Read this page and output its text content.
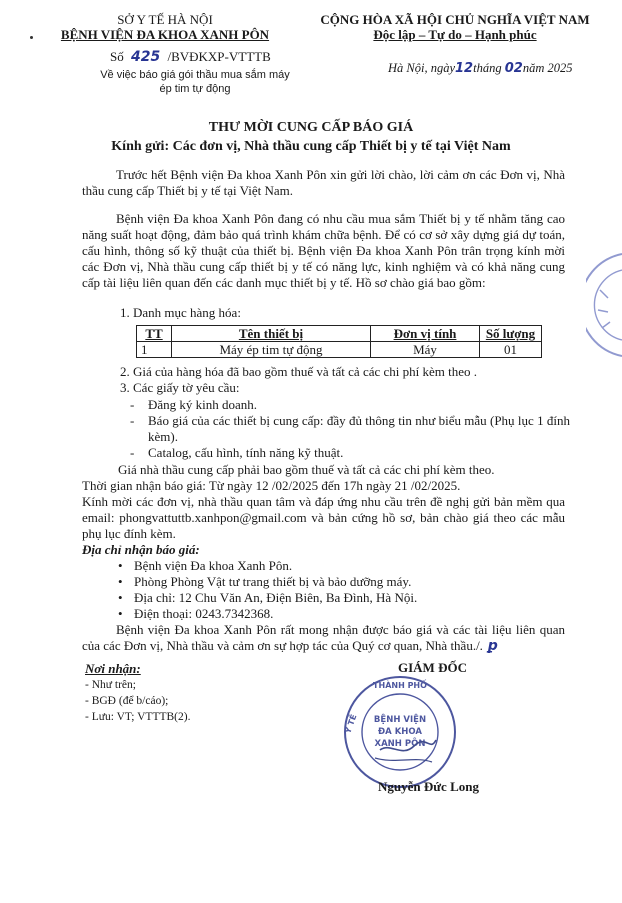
SỞ Y TẾ HÀ NỘI
BỆNH VIỆN ĐA KHOA XANH PÔN
Số 425 /BVĐKXP-VTTTB
Về việc báo giá gói thầu mua sắm máy ép tim tự động
CỘNG HÒA XÃ HỘI CHỦ NGHĨA VIỆT NAM
Độc lập – Tự do – Hạnh phúc
Hà Nội, ngày12tháng 02năm 2025
THƯ MỜI CUNG CẤP BÁO GIÁ
Kính gửi: Các đơn vị, Nhà thầu cung cấp Thiết bị y tế tại Việt Nam
Trước hết Bệnh viện Đa khoa Xanh Pôn xin gửi lời chào, lời cảm ơn các Đơn vị, Nhà thầu cung cấp Thiết bị y tế tại Việt Nam.
Bệnh viện Đa khoa Xanh Pôn đang có nhu cầu mua sắm Thiết bị y tế nhằm tăng cao năng suất hoạt động, đảm bảo quá trình khám chữa bệnh. Để có cơ sở xây dựng giá dự toán, cấu hình, thông số kỹ thuật của thiết bị. Bệnh viện Đa khoa Xanh Pôn trân trọng kính mời các Đơn vị, Nhà thầu cung cấp thiết bị y tế có năng lực, kinh nghiệm và có khả năng cung cấp tài liệu liên quan đến các danh mục thiết bị y tế. Hồ sơ chào giá bao gồm:
1. Danh mục hàng hóa:
TT	Tên thiết bị	Đơn vị tính	Số lượng
1	Máy ép tim tự động	Máy	01
2. Giá của hàng hóa đã bao gồm thuế và tất cả các chi phí kèm theo .
3. Các giấy tờ yêu cầu:
-	Đăng ký kinh doanh.
-	Báo giá của các thiết bị cung cấp: đầy đủ thông tin như biểu mẫu (Phụ lục 1 đính kèm).
-	Catalog, cấu hình, tính năng kỹ thuật.
Giá nhà thầu cung cấp phải bao gồm thuế và tất cả các chi phí kèm theo.
Thời gian nhận báo giá: Từ ngày 12 /02/2025 đến 17h ngày 21 /02/2025.
Kính mời các đơn vị, nhà thầu quan tâm và đáp ứng nhu cầu trên đề nghị gửi bản mềm qua email: phongvattuttb.xanhpon@gmail.com và bản cứng hồ sơ, bản chào giá theo các mẫu phụ lục đính kèm.
Địa chỉ nhận báo giá:
• Bệnh viện Đa khoa Xanh Pôn.
• Phòng Phòng Vật tư trang thiết bị và bảo dưỡng máy.
• Địa chỉ: 12 Chu Văn An, Điện Biên, Ba Đình, Hà Nội.
• Điện thoại: 0243.7342368.
Bệnh viện Đa khoa Xanh Pôn rất mong nhận được báo giá và các tài liệu liên quan của các Đơn vị, Nhà thầu và cảm ơn sự hợp tác của Quý cơ quan, Nhà thầu./. ꝑ
Nơi nhận:
- Như trên;
- BGĐ (để b/cáo);
- Lưu: VT; VTTTB(2).
GIÁM ĐỐC
THÀNH PHỐ
Y TẾ BỆNH VIỆN
ĐA KHOA
XANH PÔN
Nguyễn Đức Long
